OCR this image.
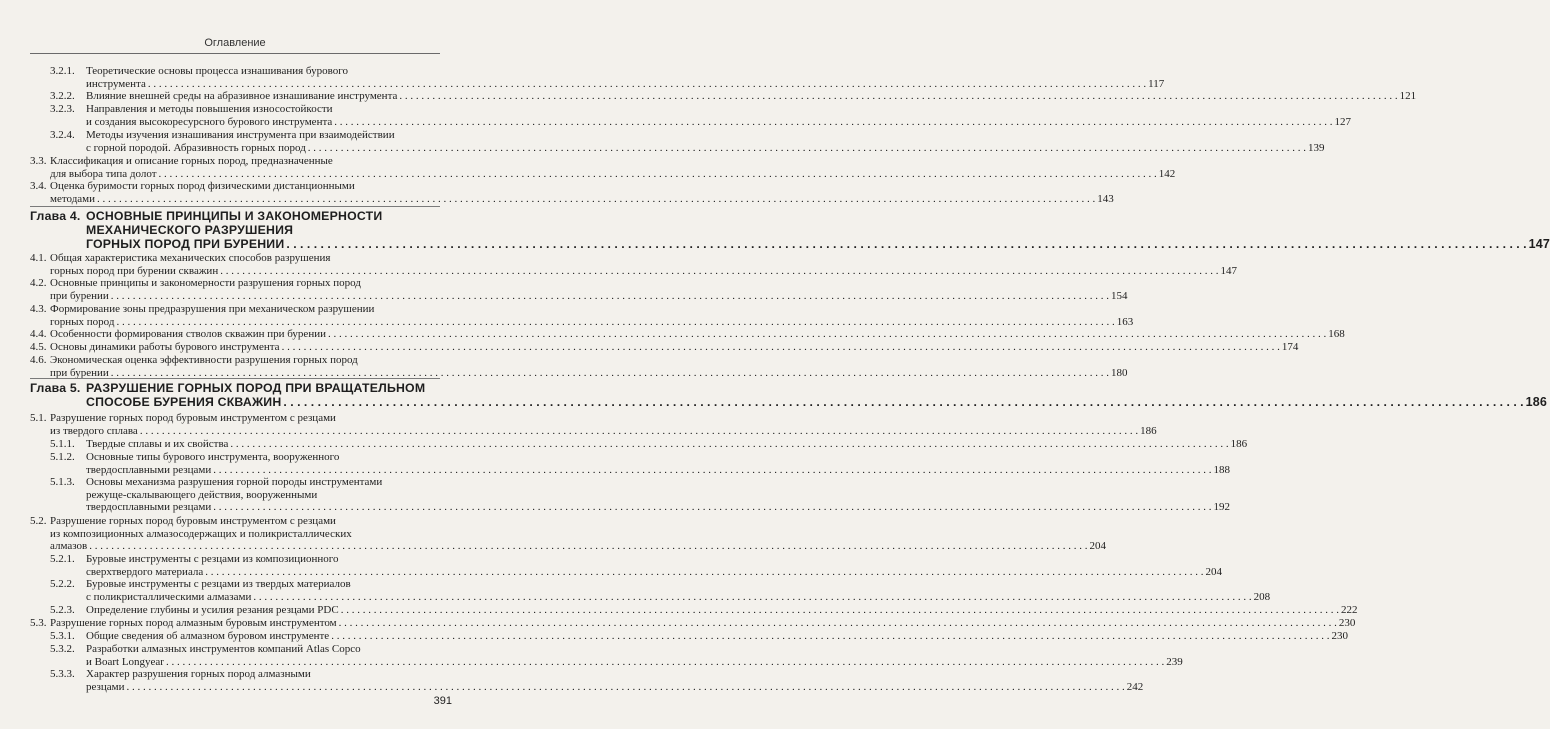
Оглавление
3.2.1. Теоретические основы процесса изнашивания бурового
инструмента . . .	117
3.2.2. Влияние внешней среды на абразивное изнашивание инструмента . . .	121
3.2.3. Направления и методы повышения износостойкости
и создания высокоресурсного бурового инструмента . . .	127
3.2.4. Методы изучения изнашивания инструмента при взаимодействии
с горной породой. Абразивность горных пород . . .	139
3.3. Классификация и описание горных пород, предназначенные
для выбора типа долот . . .	142
3.4. Оценка буримости горных пород физическими дистанционными
методами . . .	143
Глава 4. ОСНОВНЫЕ ПРИНЦИПЫ И ЗАКОНОМЕРНОСТИ
МЕХАНИЧЕСКОГО РАЗРУШЕНИЯ
ГОРНЫХ ПОРОД ПРИ БУРЕНИИ . . .	147
4.1. Общая характеристика механических способов разрушения
горных пород при бурении скважин . . .	147
4.2. Основные принципы и закономерности разрушения горных пород
при бурении . . .	154
4.3. Формирование зоны предразрушения при механическом разрушении
горных пород . . .	163
4.4. Особенности формирования стволов скважин при бурении . . .	168
4.5. Основы динамики работы бурового инструмента . . .	174
4.6. Экономическая оценка эффективности разрушения горных пород
при бурении . . .	180
Глава 5. РАЗРУШЕНИЕ ГОРНЫХ ПОРОД ПРИ ВРАЩАТЕЛЬНОМ
СПОСОБЕ БУРЕНИЯ СКВАЖИН . . .	186
5.1. Разрушение горных пород буровым инструментом с резцами
из твердого сплава . . .	186
5.1.1. Твердые сплавы и их свойства . . .	186
5.1.2. Основные типы бурового инструмента, вооруженного
твердосплавными резцами . . .	188
5.1.3. Основы механизма разрушения горной породы инструментами
режуще-скалывающего действия, вооруженными
твердосплавными резцами . . .	192
5.2. Разрушение горных пород буровым инструментом с резцами
из композиционных алмазосодержащих и поликристаллических
алмазов . . .	204
5.2.1. Буровые инструменты с резцами из композиционного
сверхтвердого материала . . .	204
5.2.2. Буровые инструменты с резцами из твердых материалов
с поликристаллическими алмазами . . .	208
5.2.3. Определение глубины и усилия резания резцами PDC . . .	222
5.3. Разрушение горных пород алмазным буровым инструментом . . .	230
5.3.1. Общие сведения об алмазном буровом инструменте . . .	230
5.3.2. Разработки алмазных инструментов компаний Atlas Copco
и Boart Longyear . . .	239
5.3.3. Характер разрушения горных пород алмазными
резцами . . .	242
391
